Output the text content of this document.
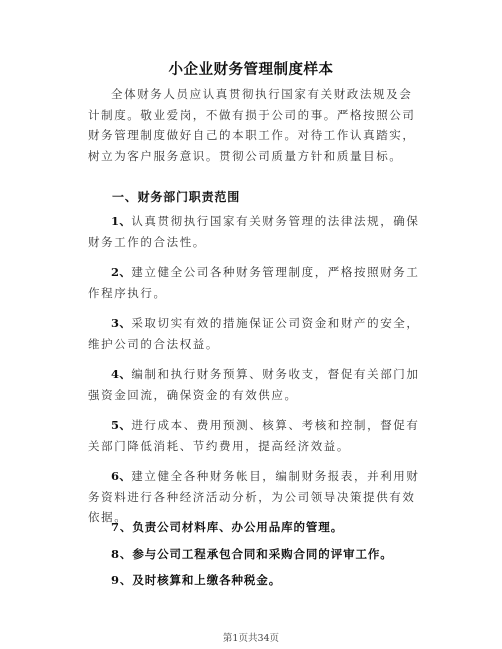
小企业财务管理制度样本
全体财务人员应认真贯彻执行国家有关财政法规及会计制度。敬业爱岗，不做有损于公司的事。严格按照公司财务管理制度做好自己的本职工作。对待工作认真踏实，树立为客户服务意识。贯彻公司质量方针和质量目标。
一、财务部门职责范围
1、认真贯彻执行国家有关财务管理的法律法规，确保财务工作的合法性。
2、建立健全公司各种财务管理制度，严格按照财务工作程序执行。
3、采取切实有效的措施保证公司资金和财产的安全，维护公司的合法权益。
4、编制和执行财务预算、财务收支，督促有关部门加强资金回流，确保资金的有效供应。
5、进行成本、费用预测、核算、考核和控制，督促有关部门降低消耗、节约费用，提高经济效益。
6、建立健全各种财务帐目，编制财务报表，并利用财务资料进行各种经济活动分析，为公司领导决策提供有效依据。
7、负责公司材料库、办公用品库的管理。
8、参与公司工程承包合同和采购合同的评审工作。
9、及时核算和上缴各种税金。
第1页共34页
